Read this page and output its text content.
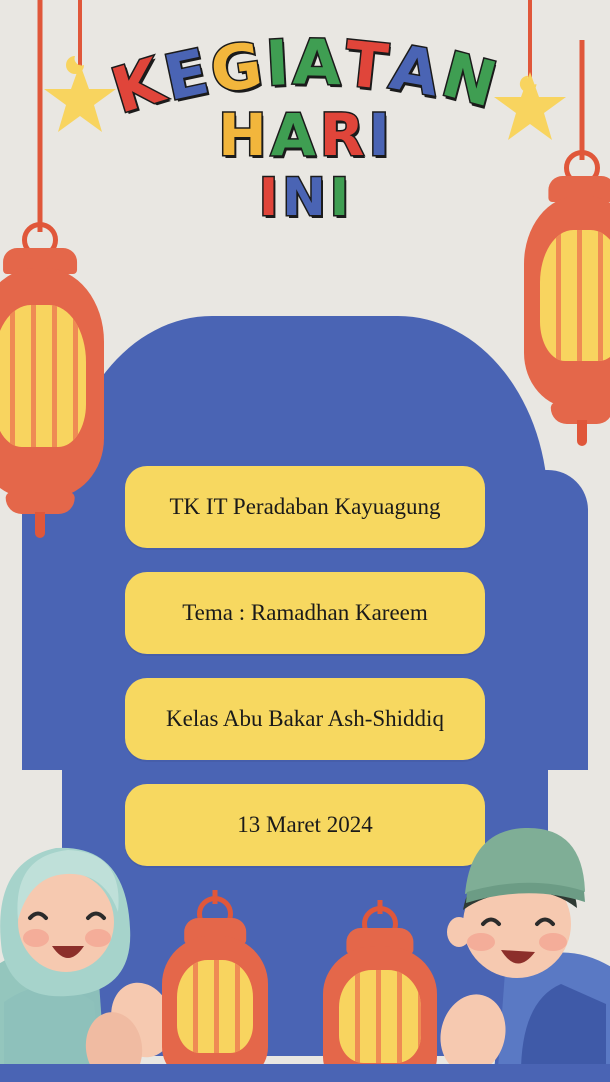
KEGIATAN
HARI
INI
TK IT Peradaban Kayuagung
Tema : Ramadhan Kareem
Kelas Abu Bakar Ash-Shiddiq
13 Maret 2024
